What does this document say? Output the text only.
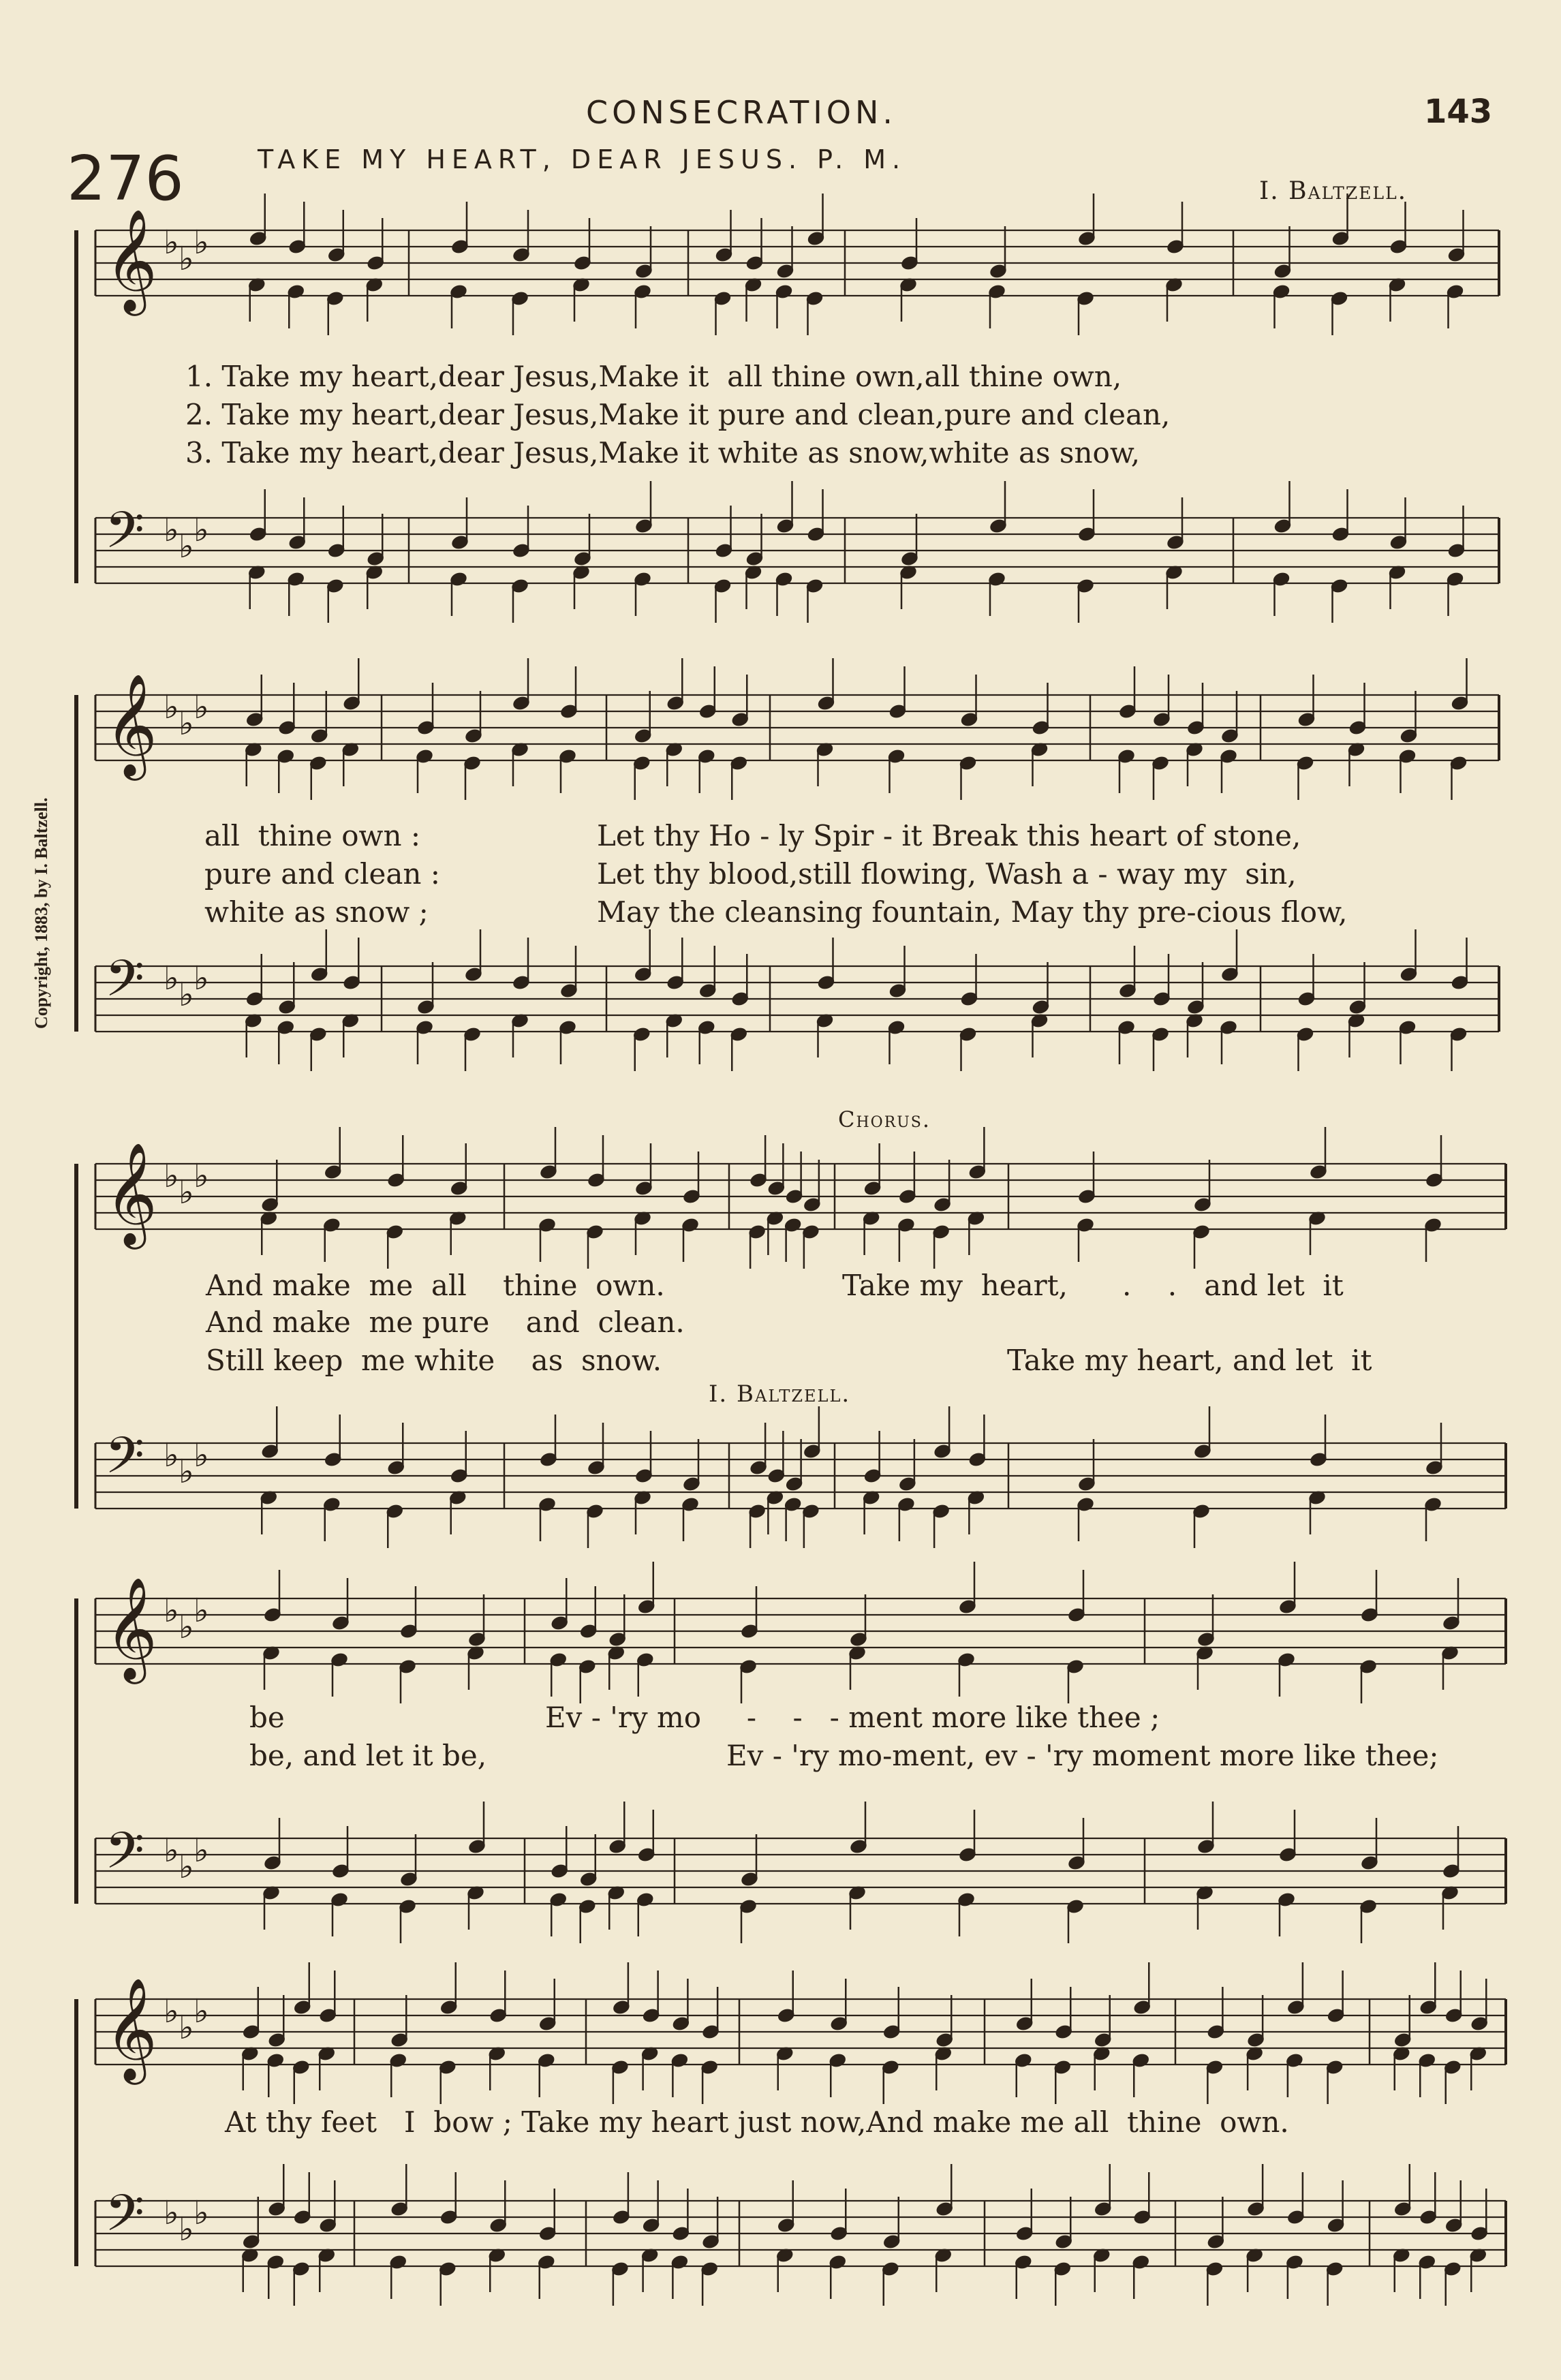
CONSECRATION.	143
276	TAKE MY HEART, DEAR JESUS. P. M.
I. Baltzell.
Copyright, 1883, by I. Baltzell.
𝄞 ♭ ♭ ♭
𝄢 ♭ ♭ ♭
𝄞 ♭ ♭ ♭
𝄢 ♭ ♭ ♭
𝄞 ♭ ♭ ♭
𝄢 ♭ ♭ ♭
𝄞 ♭ ♭ ♭
𝄢 ♭ ♭ ♭
𝄞 ♭ ♭ ♭
𝄢 ♭ ♭ ♭
1. Take my heart,dear Jesus,Make it  all thine own,all thine own,
2. Take my heart,dear Jesus,Make it pure and clean,pure and clean,
3. Take my heart,dear Jesus,Make it white as snow,white as snow,
all  thine own :
pure and clean :
white as snow ;
Let thy Ho - ly Spir - it Break this heart of stone,
Let thy blood,still flowing, Wash a - way my  sin,
May the cleansing fountain, May thy pre-cious flow,
And make  me  all    thine  own.
And make  me pure    and  clean.
Still keep  me white    as  snow.
Chorus.
Take my  heart,      .    .   and let  it
Take my heart, and let  it
I. Baltzell.
be	Ev - 'ry mo     -    -   - ment more like thee ;
be, and let it be,	Ev - 'ry mo-ment, ev - 'ry moment more like thee;
At thy feet   I  bow ; Take my heart just now,And make me all  thine  own.
